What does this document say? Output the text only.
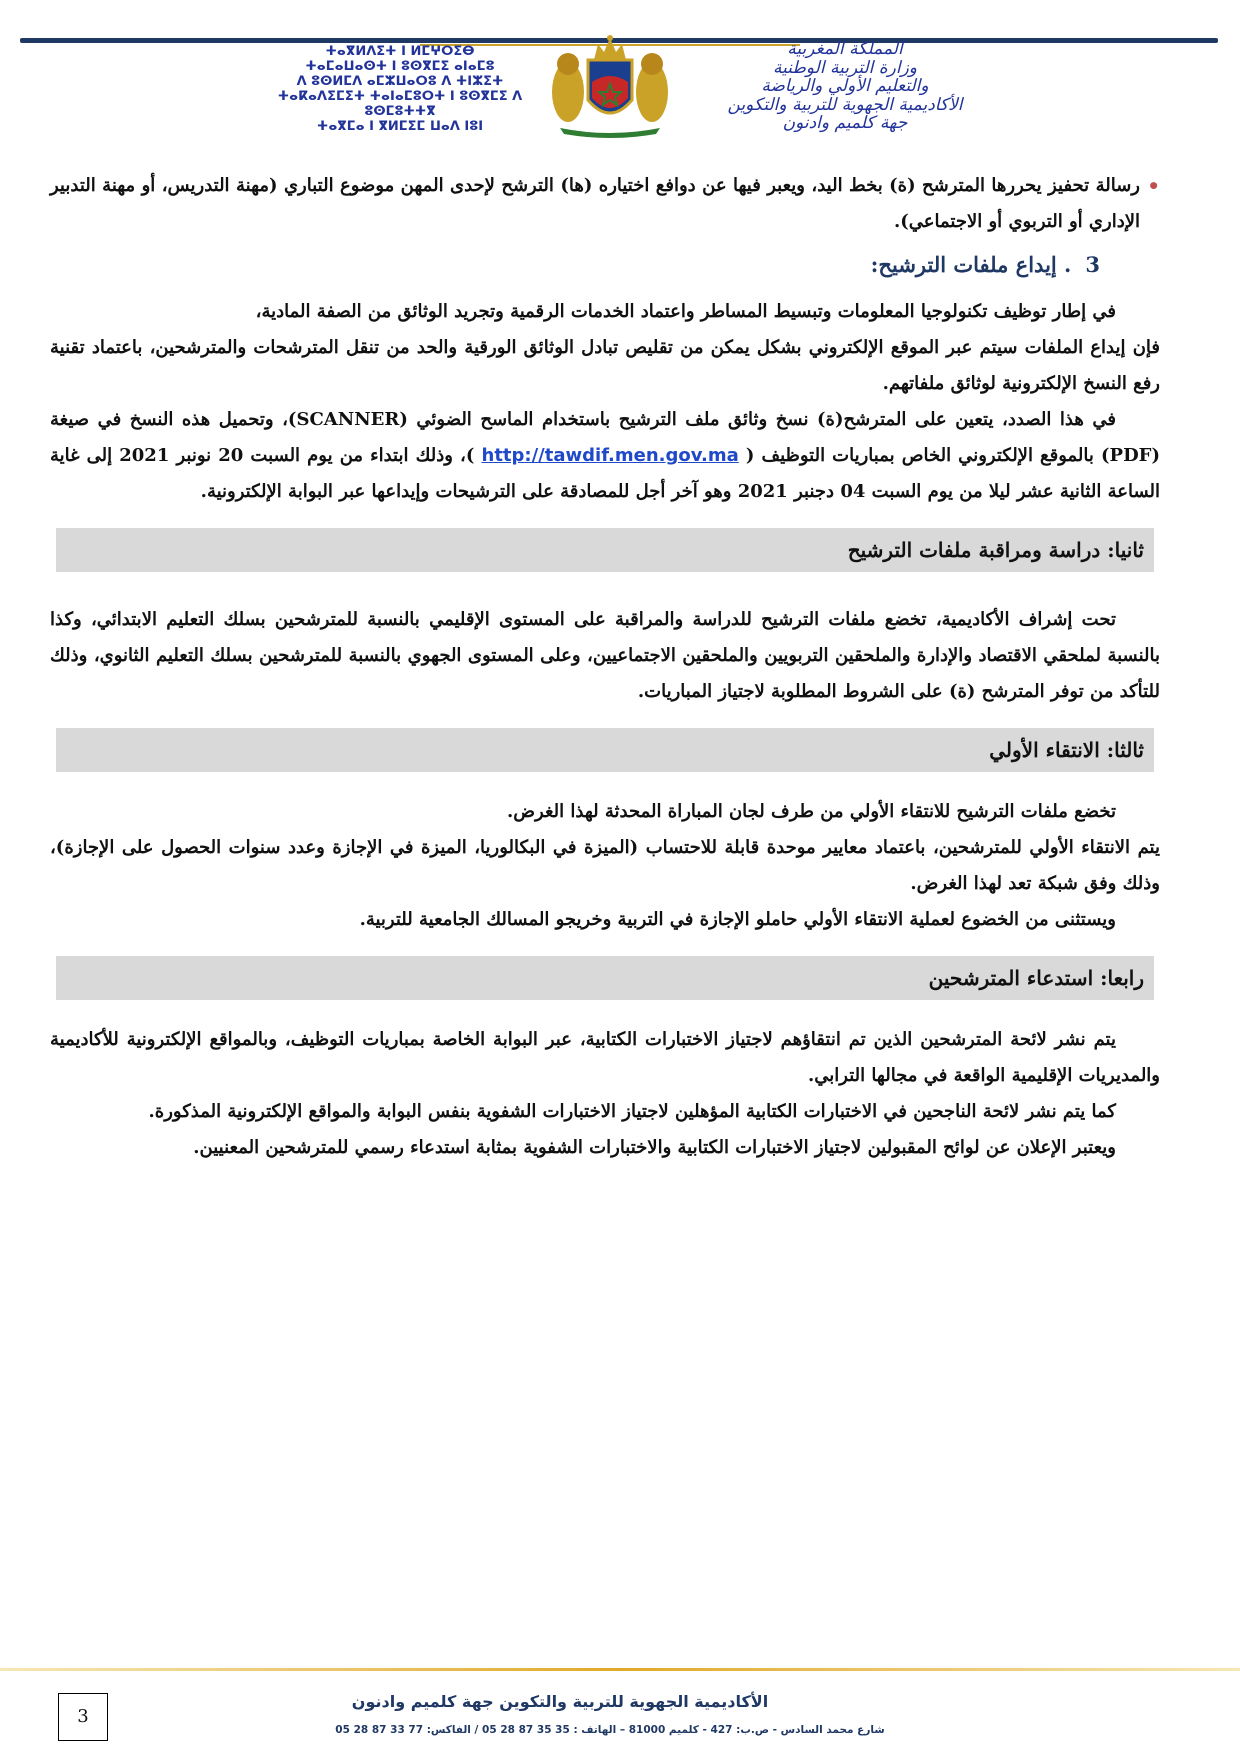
ⵜⴰⴳⵍⴷⵉⵜ ⵏ ⵍⵎⵖⵔⵉⴱ
ⵜⴰⵎⴰⵡⴰⵙⵜ ⵏ ⵓⵙⴳⵎⵉ ⴰⵏⴰⵎⵓ
ⴷ ⵓⵙⵍⵎⴷ ⴰⵎⵣⵡⴰⵔⵓ ⴷ ⵜⵏⵣⵉⵜ
ⵜⴰⴽⴰⴷⵉⵎⵉⵜ ⵜⴰⵏⴰⵎⵓⵔⵜ ⵏ ⵓⵙⴳⵎⵉ ⴷ ⵓⵙⵎⵓⵜⵜⴳ
ⵜⴰⴳⵎⴰ ⵏ ⴳⵍⵎⵉⵎ ⵡⴰⴷ ⵏⵓⵏ
المملكة المغربية
وزارة التربية الوطنية
والتعليم الأولي والرياضة
الأكاديمية الجهوية للتربية والتكوين
جهة كلميم وادنون

•
رسالة تحفيز يحررها المترشح (ة) بخط اليد، ويعبر فيها عن دوافع اختياره (ها) الترشح لإحدى المهن موضوع التباري (مهنة التدريس، أو مهنة التدبير الإداري أو التربوي أو الاجتماعي).

3. إيداع ملفات الترشيح:

في إطار توظيف تكنولوجيا المعلومات وتبسيط المساطر واعتماد الخدمات الرقمية وتجريد الوثائق من الصفة المادية،

فإن إيداع الملفات سيتم عبر الموقع الإلكتروني بشكل يمكن من تقليص تبادل الوثائق الورقية والحد من تنقل المترشحات والمترشحين، باعتماد تقنية رفع النسخ الإلكترونية لوثائق ملفاتهم.

في هذا الصدد، يتعين على المترشح(ة) نسخ وثائق ملف الترشيح باستخدام الماسح الضوئي (SCANNER)، وتحميل هذه النسخ في صيغة (PDF) بالموقع الإلكتروني الخاص بمباريات التوظيف ( http://tawdif.men.gov.ma )، وذلك ابتداء من يوم السبت 20 نونبر 2021 إلى غاية الساعة الثانية عشر ليلا من يوم السبت 04 دجنبر 2021 وهو آخر أجل للمصادقة على الترشيحات وإيداعها عبر البوابة الإلكترونية.

ثانيا: دراسة ومراقبة ملفات الترشيح

تحت إشراف الأكاديمية، تخضع ملفات الترشيح للدراسة والمراقبة على المستوى الإقليمي بالنسبة للمترشحين بسلك التعليم الابتدائي، وكذا بالنسبة لملحقي الاقتصاد والإدارة والملحقين التربويين والملحقين الاجتماعيين، وعلى المستوى الجهوي بالنسبة للمترشحين بسلك التعليم الثانوي، وذلك للتأكد من توفر المترشح (ة) على الشروط المطلوبة لاجتياز المباريات.

ثالثا: الانتقاء الأولي

تخضع ملفات الترشيح للانتقاء الأولي من طرف لجان المباراة المحدثة لهذا الغرض.

يتم الانتقاء الأولي للمترشحين، باعتماد معايير موحدة قابلة للاحتساب (الميزة في البكالوريا، الميزة في الإجازة وعدد سنوات الحصول على الإجازة)، وذلك وفق شبكة تعد لهذا الغرض.

ويستثنى من الخضوع لعملية الانتقاء الأولي حاملو الإجازة في التربية وخريجو المسالك الجامعية للتربية.

رابعا: استدعاء المترشحين

يتم نشر لائحة المترشحين الذين تم انتقاؤهم لاجتياز الاختبارات الكتابية، عبر البوابة الخاصة بمباريات التوظيف، وبالمواقع الإلكترونية للأكاديمية والمديريات الإقليمية الواقعة في مجالها الترابي.

كما يتم نشر لائحة الناجحين في الاختبارات الكتابية المؤهلين لاجتياز الاختبارات الشفوية بنفس البوابة والمواقع الإلكترونية المذكورة.

ويعتبر الإعلان عن لوائح المقبولين لاجتياز الاختبارات الكتابية والاختبارات الشفوية بمثابة استدعاء رسمي للمترشحين المعنيين.

3
الأكاديمية الجهوية للتربية والتكوين جهة كلميم وادنون
شارع محمد السادس - ص.ب: 427 - كلميم 81000 – الهاتف : 35 35 87 28 05 / الفاكس: 77 33 87 28 05
